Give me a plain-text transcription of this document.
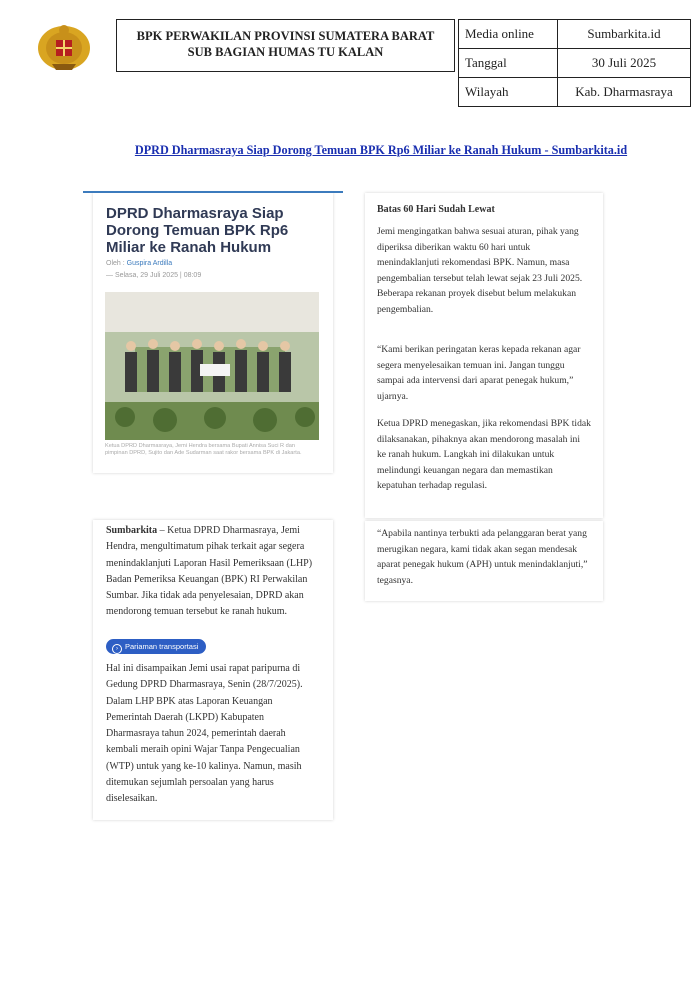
BPK PERWAKILAN PROVINSI SUMATERA BARAT
SUB BAGIAN HUMAS TU KALAN
Media online	Sumbarkita.id
Tanggal	30 Juli 2025
Wilayah	Kab. Dharmasraya
DPRD Dharmasraya Siap Dorong Temuan BPK Rp6 Miliar ke Ranah Hukum - Sumbarkita.id
DPRD Dharmasraya Siap Dorong Temuan BPK Rp6 Miliar ke Ranah Hukum
Oleh : Guspira Ardilla
— Selasa, 29 Juli 2025 | 08:09
Ketua DPRD Dharmasraya, Jemi Hendra bersama Bupati Annisa Suci R dan pimpinan DPRD, Sujito dan Ade Sudarman saat rakor bersama BPK di Jakarta.

Sumbarkita – Ketua DPRD Dharmasraya, Jemi Hendra, mengultimatum pihak terkait agar segera menindaklanjuti Laporan Hasil Pemeriksaan (LHP) Badan Pemeriksa Keuangan (BPK) RI Perwakilan Sumbar. Jika tidak ada penyelesaian, DPRD akan mendorong temuan tersebut ke ranah hukum.

› Pariaman transportasi

Hal ini disampaikan Jemi usai rapat paripurna di Gedung DPRD Dharmasraya, Senin (28/7/2025). Dalam LHP BPK atas Laporan Keuangan Pemerintah Daerah (LKPD) Kabupaten Dharmasraya tahun 2024, pemerintah daerah kembali meraih opini Wajar Tanpa Pengecualian (WTP) untuk yang ke-10 kalinya. Namun, masih ditemukan sejumlah persoalan yang harus diselesaikan.

Batas 60 Hari Sudah Lewat

Jemi mengingatkan bahwa sesuai aturan, pihak yang diperiksa diberikan waktu 60 hari untuk menindaklanjuti rekomendasi BPK. Namun, masa pengembalian tersebut telah lewat sejak 23 Juli 2025. Beberapa rekanan proyek disebut belum melakukan pengembalian.

“Kami berikan peringatan keras kepada rekanan agar segera menyelesaikan temuan ini. Jangan tunggu sampai ada intervensi dari aparat penegak hukum,” ujarnya.

Ketua DPRD menegaskan, jika rekomendasi BPK tidak dilaksanakan, pihaknya akan mendorong masalah ini ke ranah hukum. Langkah ini dilakukan untuk melindungi keuangan negara dan memastikan kepatuhan terhadap regulasi.

“Apabila nantinya terbukti ada pelanggaran berat yang merugikan negara, kami tidak akan segan mendesak aparat penegak hukum (APH) untuk menindaklanjuti,” tegasnya.
